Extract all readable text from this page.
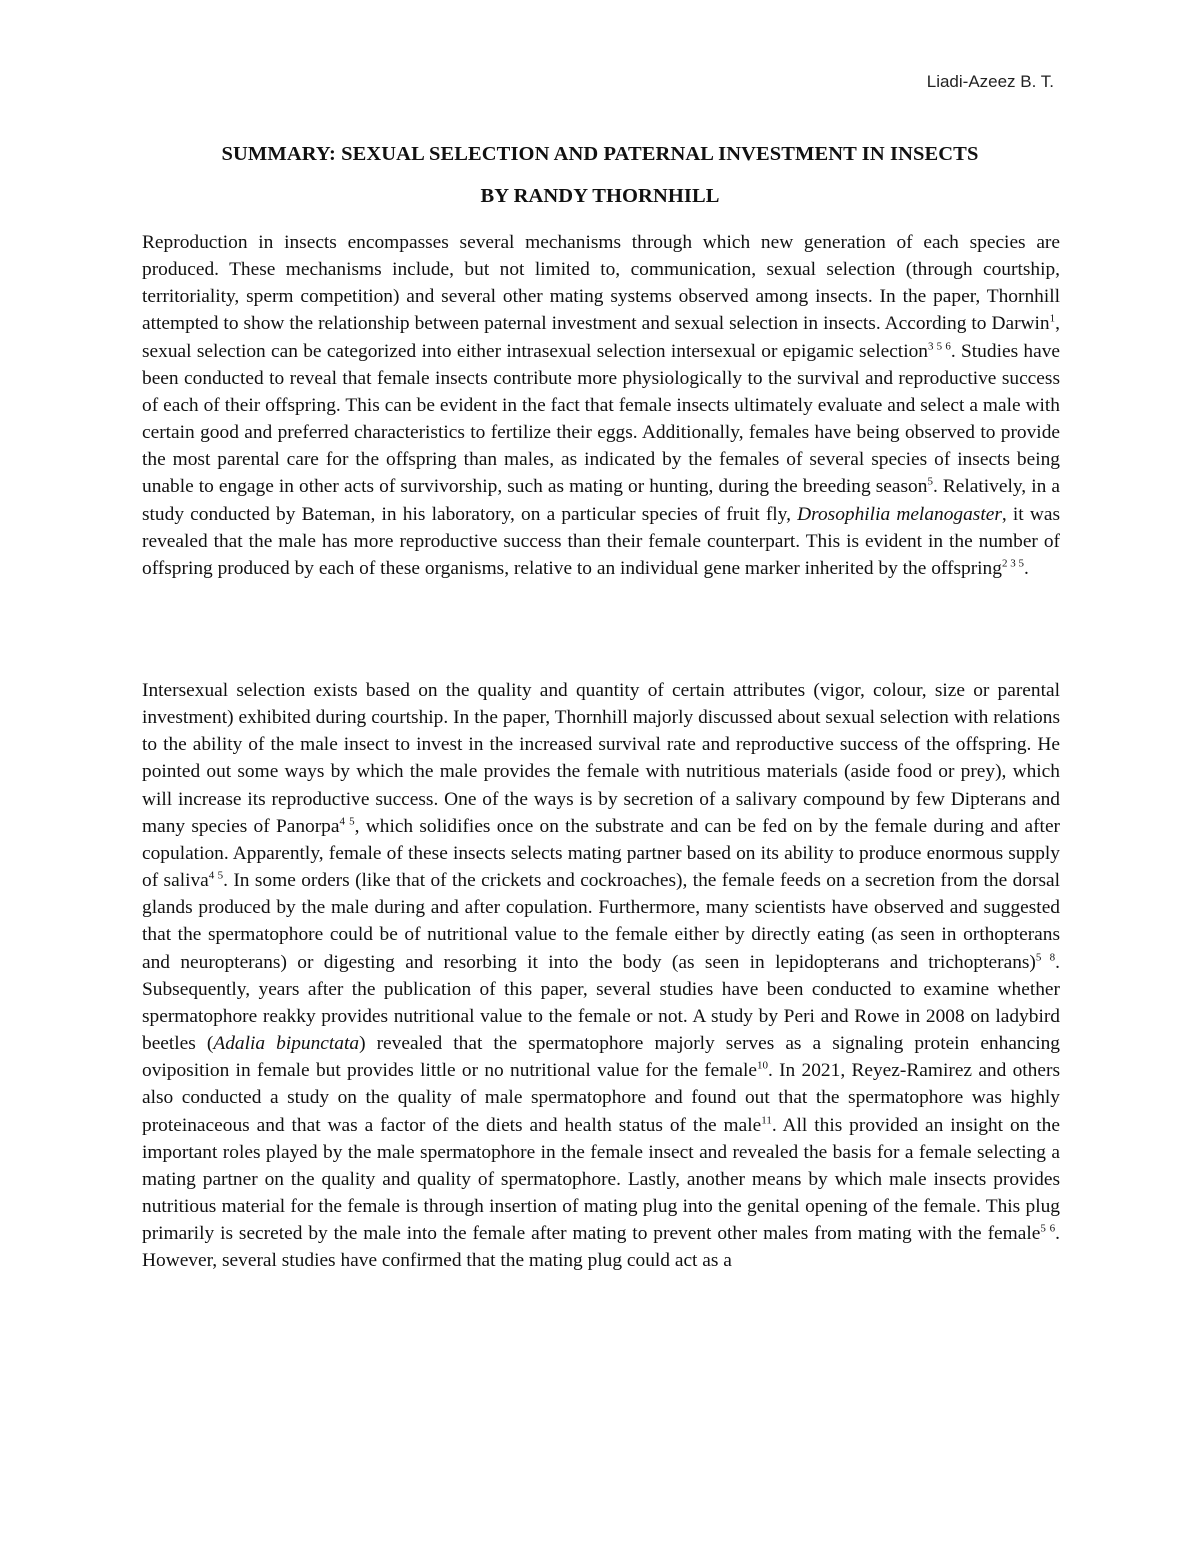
Liadi-Azeez B. T.
SUMMARY: SEXUAL SELECTION AND PATERNAL INVESTMENT IN INSECTS
BY RANDY THORNHILL

Reproduction in insects encompasses several mechanisms through which new generation of each species are produced. These mechanisms include, but not limited to, communication, sexual selection (through courtship, territoriality, sperm competition) and several other mating systems observed among insects. In the paper, Thornhill attempted to show the relationship between paternal investment and sexual selection in insects. According to Darwin$^1$, sexual selection can be categorized into either intrasexual selection intersexual or epigamic selection$^{3 5 6}$. Studies have been conducted to reveal that female insects contribute more physiologically to the survival and reproductive success of each of their offspring. This can be evident in the fact that female insects ultimately evaluate and select a male with certain good and preferred characteristics to fertilize their eggs. Additionally, females have being observed to provide the most parental care for the offspring than males, as indicated by the females of several species of insects being unable to engage in other acts of survivorship, such as mating or hunting, during the breeding season$^5$. Relatively, in a study conducted by Bateman, in his laboratory, on a particular species of fruit fly, Drosophilia melanogaster, it was revealed that the male has more reproductive success than their female counterpart. This is evident in the number of offspring produced by each of these organisms, relative to an individual gene marker inherited by the offspring$^{2 3 5}$.

Intersexual selection exists based on the quality and quantity of certain attributes (vigor, colour, size or parental investment) exhibited during courtship. In the paper, Thornhill majorly discussed about sexual selection with relations to the ability of the male insect to invest in the increased survival rate and reproductive success of the offspring. He pointed out some ways by which the male provides the female with nutritious materials (aside food or prey), which will increase its reproductive success. One of the ways is by secretion of a salivary compound by few Dipterans and many species of Panorpa$^{4 5}$, which solidifies once on the substrate and can be fed on by the female during and after copulation. Apparently, female of these insects selects mating partner based on its ability to produce enormous supply of saliva$^{4 5}$. In some orders (like that of the crickets and cockroaches), the female feeds on a secretion from the dorsal glands produced by the male during and after copulation. Furthermore, many scientists have observed and suggested that the spermatophore could be of nutritional value to the female either by directly eating (as seen in orthopterans and neuropterans) or digesting and resorbing it into the body (as seen in lepidopterans and trichopterans)$^{5 8}$. Subsequently, years after the publication of this paper, several studies have been conducted to examine whether spermatophore reakky provides nutritional value to the female or not. A study by Peri and Rowe in 2008 on ladybird beetles (Adalia bipunctata) revealed that the spermatophore majorly serves as a signaling protein enhancing oviposition in female but provides little or no nutritional value for the female$^{10}$. In 2021, Reyez-Ramirez and others also conducted a study on the quality of male spermatophore and found out that the spermatophore was highly proteinaceous and that was a factor of the diets and health status of the male$^{11}$. All this provided an insight on the important roles played by the male spermatophore in the female insect and revealed the basis for a female selecting a mating partner on the quality and quality of spermatophore. Lastly, another means by which male insects provides nutritious material for the female is through insertion of mating plug into the genital opening of the female. This plug primarily is secreted by the male into the female after mating to prevent other males from mating with the female$^{5 6}$. However, several studies have confirmed that the mating plug could act as a
